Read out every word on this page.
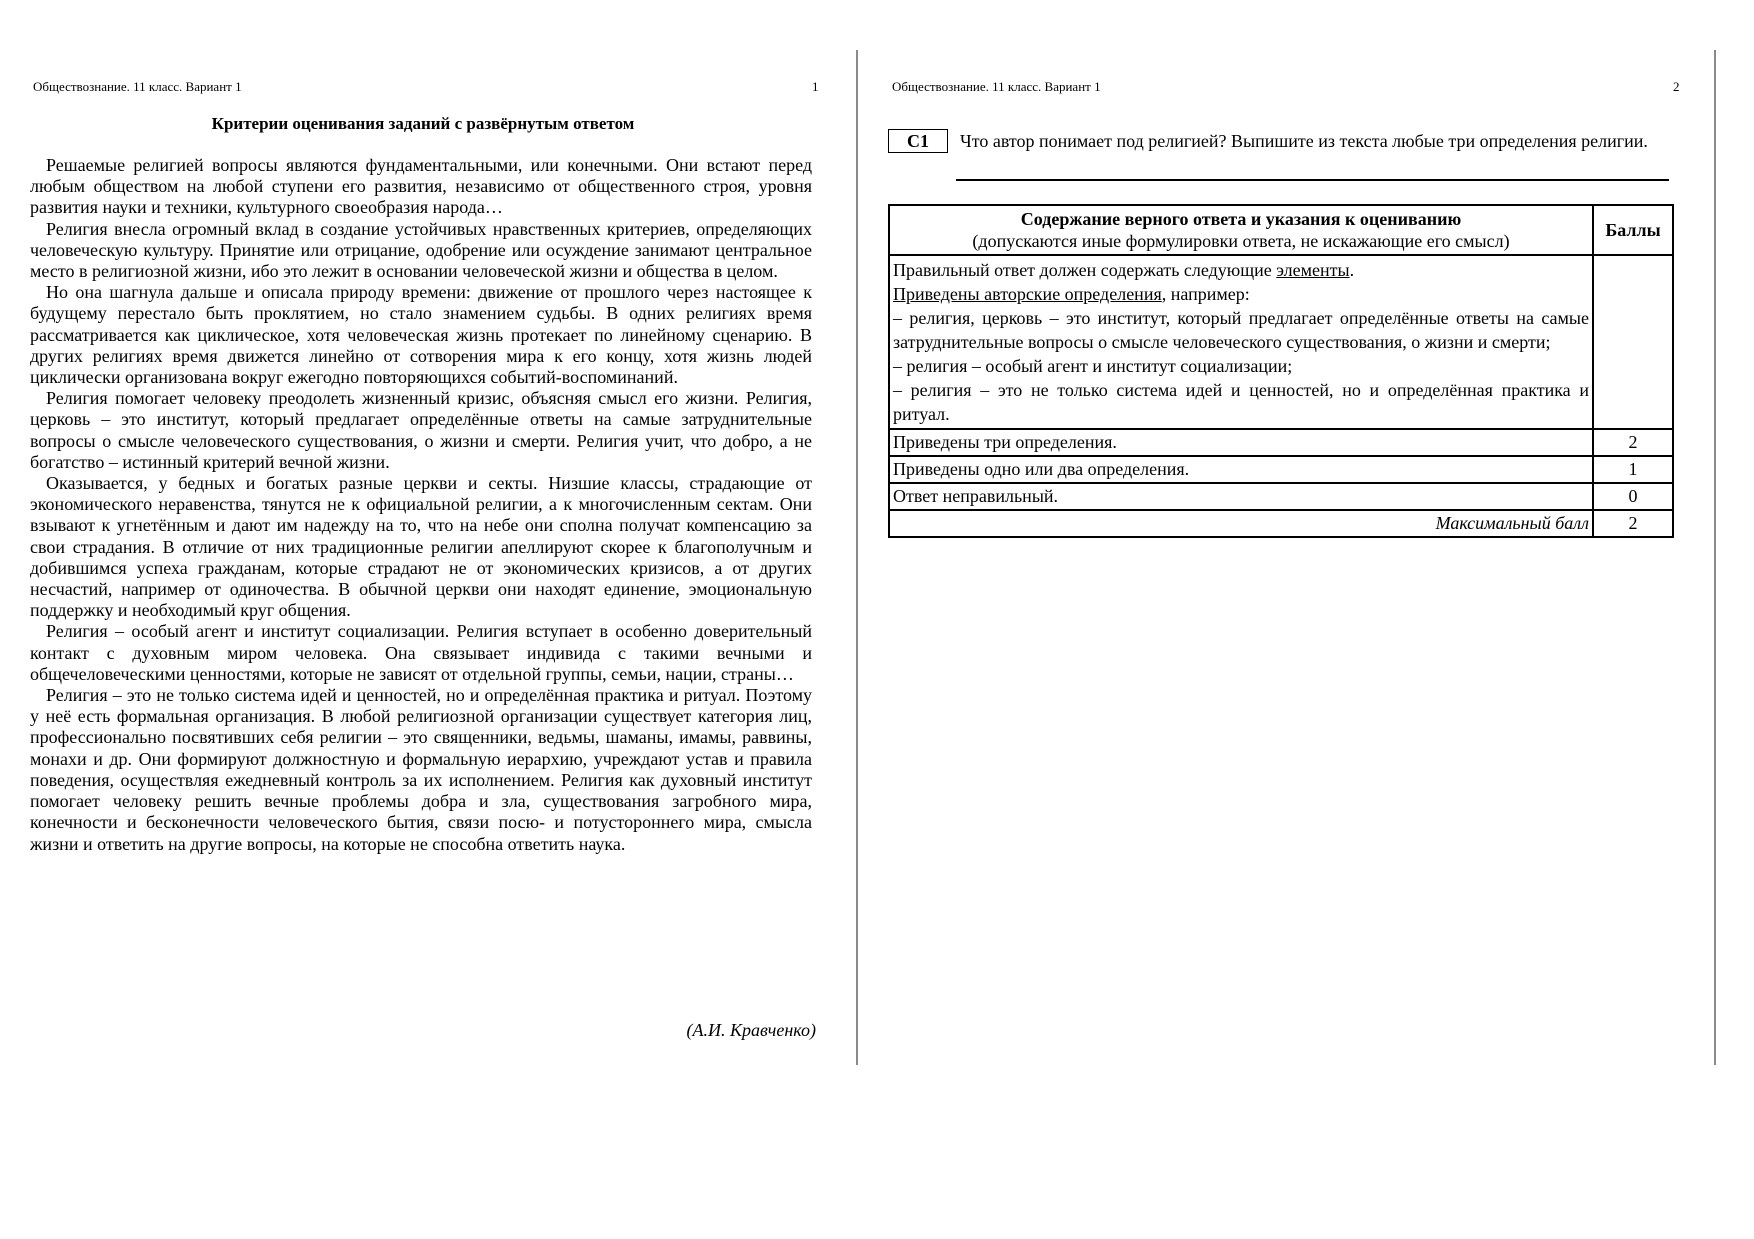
Обществознание. 11 класс. Вариант 1	1
Критерии оценивания заданий с развёрнутым ответом

Решаемые религией вопросы являются фундаментальными, или конечными. Они встают перед любым обществом на любой ступени его развития, независимо от общественного строя, уровня развития науки и техники, культурного своеобразия народа…

Религия внесла огромный вклад в создание устойчивых нравственных критериев, определяющих человеческую культуру. Принятие или отрицание, одобрение или осуждение занимают центральное место в религиозной жизни, ибо это лежит в основании человеческой жизни и общества в целом.

Но она шагнула дальше и описала природу времени: движение от прошлого через настоящее к будущему перестало быть проклятием, но стало знамением судьбы. В одних религиях время рассматривается как циклическое, хотя человеческая жизнь протекает по линейному сценарию. В других религиях время движется линейно от сотворения мира к его концу, хотя жизнь людей циклически организована вокруг ежегодно повторяющихся событий-воспоминаний.

Религия помогает человеку преодолеть жизненный кризис, объясняя смысл его жизни. Религия, церковь – это институт, который предлагает определённые ответы на самые затруднительные вопросы о смысле человеческого существования, о жизни и смерти. Религия учит, что добро, а не богатство – истинный критерий вечной жизни.

Оказывается, у бедных и богатых разные церкви и секты. Низшие классы, страдающие от экономического неравенства, тянутся не к официальной религии, а к многочисленным сектам. Они взывают к угнетённым и дают им надежду на то, что на небе они сполна получат компенсацию за свои страдания. В отличие от них традиционные религии апеллируют скорее к благополучным и добившимся успеха гражданам, которые страдают не от экономических кризисов, а от других несчастий, например от одиночества. В обычной церкви они находят единение, эмоциональную поддержку и необходимый круг общения.

Религия – особый агент и институт социализации. Религия вступает в особенно доверительный контакт с духовным миром человека. Она связывает индивида с такими вечными и общечеловеческими ценностями, которые не зависят от отдельной группы, семьи, нации, страны…

Религия – это не только система идей и ценностей, но и определённая практика и ритуал. Поэтому у неё есть формальная организация. В любой религиозной организации существует категория лиц, профессионально посвятивших себя религии – это священники, ведьмы, шаманы, имамы, раввины, монахи и др. Они формируют должностную и формальную иерархию, учреждают устав и правила поведения, осуществляя ежедневный контроль за их исполнением. Религия как духовный институт помогает человеку решить вечные проблемы добра и зла, существования загробного мира, конечности и бесконечности человеческого бытия, связи посю- и потустороннего мира, смысла жизни и ответить на другие вопросы, на которые не способна ответить наука.

(А.И. Кравченко)
Обществознание. 11 класс. Вариант 1	2
C1	Что автор понимает под религией? Выпишите из текста любые три определения религии.
Содержание верного ответа и указания к оцениванию
(допускаются иные формулировки ответа, не искажающие его смысл)	Баллы

Правильный ответ должен содержать следующие элементы.
Приведены авторские определения, например:
– религия, церковь – это институт, который предлагает определённые ответы на самые затруднительные вопросы о смысле человеческого существования, о жизни и смерти;
– религия – особый агент и институт социализации;
– религия – это не только система идей и ценностей, но и определённая практика и ритуал.	

Приведены три определения.	2
Приведены одно или два определения.	1
Ответ неправильный.	0
Максимальный балл	2
